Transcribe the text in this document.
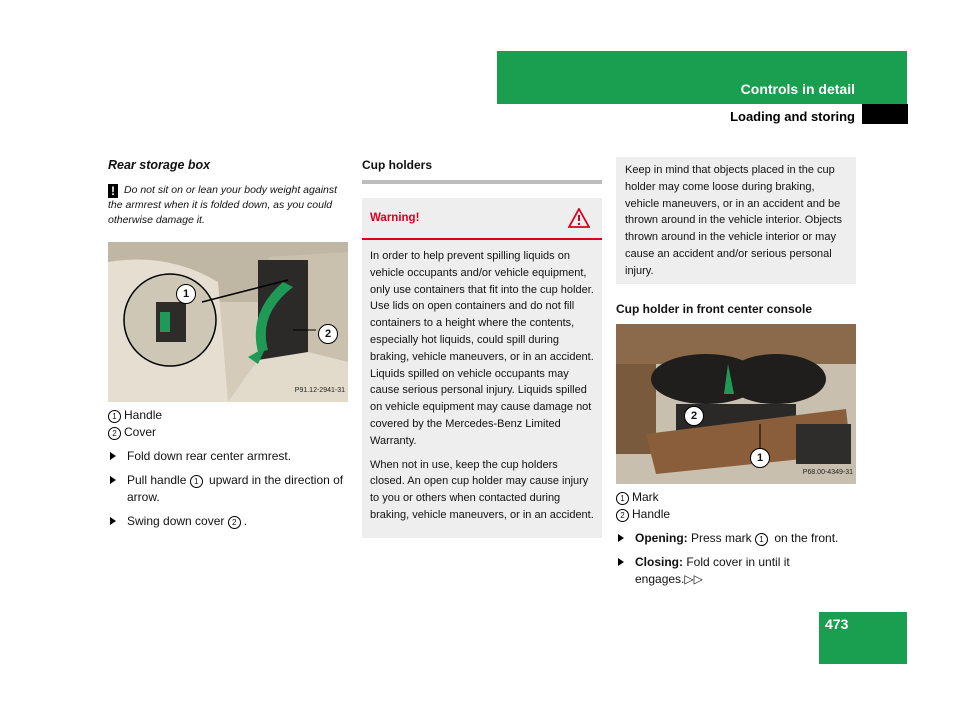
Controls in detail
Loading and storing
Rear storage box
! Do not sit on or lean your body weight against the armrest when it is folded down, as you could otherwise damage it.
1
2
P91.12-2941-31
1 Handle
2 Cover
Fold down rear center armrest.
Pull handle 1 upward in the direction of arrow.
Swing down cover 2 .
Cup holders
Warning!

In order to help prevent spilling liquids on vehicle occupants and/or vehicle equipment, only use containers that fit into the cup holder. Use lids on open containers and do not fill containers to a height where the contents, especially hot liquids, could spill during braking, vehicle maneuvers, or in an accident. Liquids spilled on vehicle occupants may cause serious personal injury. Liquids spilled on vehicle equipment may cause damage not covered by the Mercedes-Benz Limited Warranty.

When not in use, keep the cup holders closed. An open cup holder may cause injury to you or others when contacted during braking, vehicle maneuvers, or in an accident.

Keep in mind that objects placed in the cup holder may come loose during braking, vehicle maneuvers, or in an accident and be thrown around in the vehicle interior. Objects thrown around in the vehicle interior or may cause an accident and/or serious personal injury.
Cup holder in front center console
2
1
P68.00-4349-31
1 Mark
2 Handle
Opening: Press mark 1 on the front.
Closing: Fold cover in until it engages.▷▷
473
